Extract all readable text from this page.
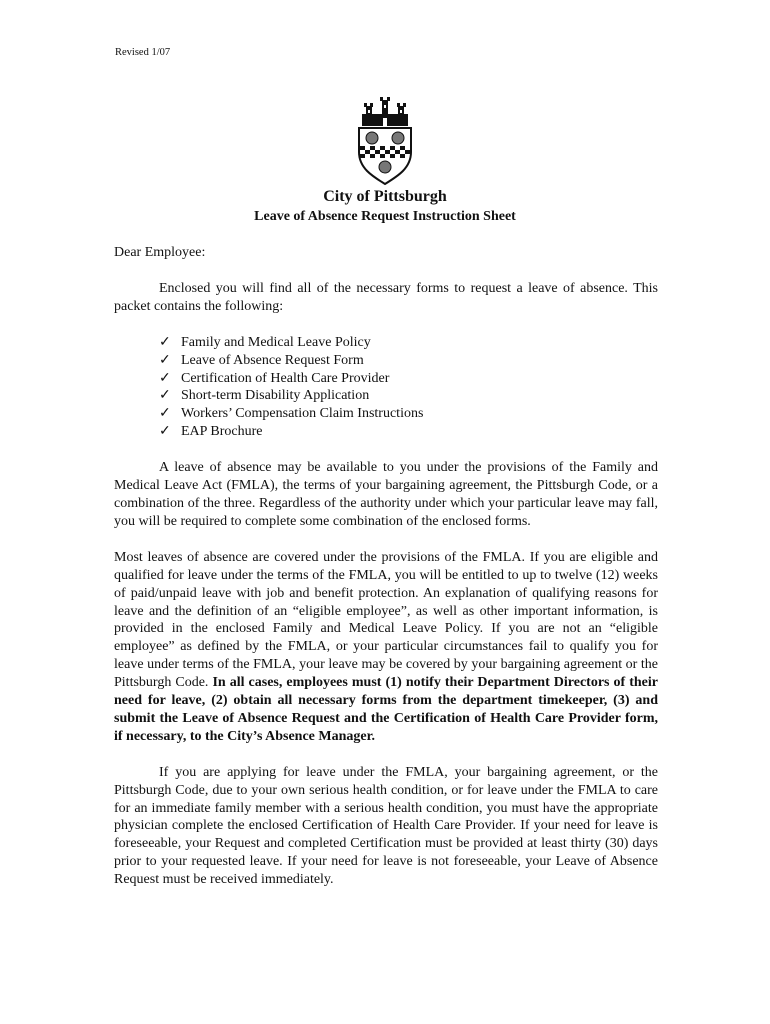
Revised 1/07

City of Pittsburgh
Leave of Absence Request Instruction Sheet

Dear Employee:

Enclosed you will find all of the necessary forms to request a leave of absence. This packet contains the following:

✓ Family and Medical Leave Policy
✓ Leave of Absence Request Form
✓ Certification of Health Care Provider
✓ Short-term Disability Application
✓ Workers’ Compensation Claim Instructions
✓ EAP Brochure

A leave of absence may be available to you under the provisions of the Family and Medical Leave Act (FMLA), the terms of your bargaining agreement, the Pittsburgh Code, or a combination of the three. Regardless of the authority under which your particular leave may fall, you will be required to complete some combination of the enclosed forms.

Most leaves of absence are covered under the provisions of the FMLA. If you are eligible and qualified for leave under the terms of the FMLA, you will be entitled to up to twelve (12) weeks of paid/unpaid leave with job and benefit protection. An explanation of qualifying reasons for leave and the definition of an “eligible employee”, as well as other important information, is provided in the enclosed Family and Medical Leave Policy. If you are not an “eligible employee” as defined by the FMLA, or your particular circumstances fail to qualify you for leave under terms of the FMLA, your leave may be covered by your bargaining agreement or the Pittsburgh Code. In all cases, employees must (1) notify their Department Directors of their need for leave, (2) obtain all necessary forms from the department timekeeper, (3) and submit the Leave of Absence Request and the Certification of Health Care Provider form, if necessary, to the City’s Absence Manager.

If you are applying for leave under the FMLA, your bargaining agreement, or the Pittsburgh Code, due to your own serious health condition, or for leave under the FMLA to care for an immediate family member with a serious health condition, you must have the appropriate physician complete the enclosed Certification of Health Care Provider. If your need for leave is foreseeable, your Request and completed Certification must be provided at least thirty (30) days prior to your requested leave. If your need for leave is not foreseeable, your Leave of Absence Request must be received immediately.
